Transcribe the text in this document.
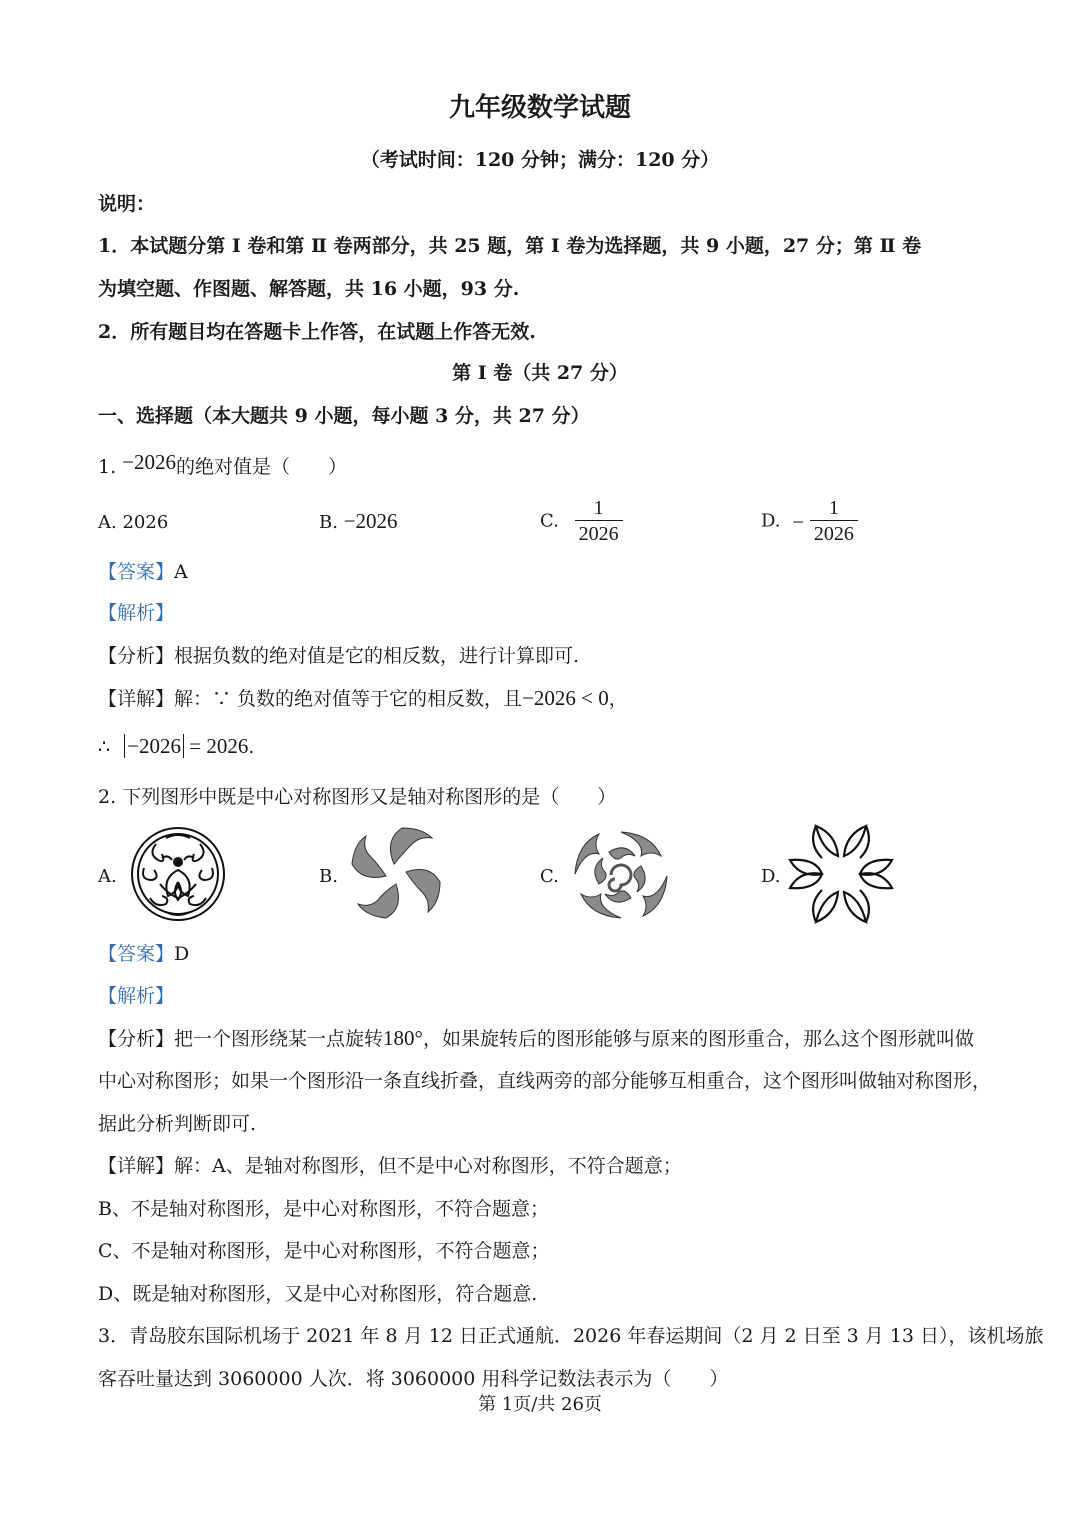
九年级数学试题
（考试时间：120 分钟；满分：120 分）
说明：
1．本试题分第 Ⅰ 卷和第 Ⅱ 卷两部分，共 25 题，第 Ⅰ 卷为选择题，共 9 小题，27 分；第 Ⅱ 卷
为填空题、作图题、解答题，共 16 小题，93 分.
2．所有题目均在答题卡上作答，在试题上作答无效.
第 Ⅰ 卷（共 27 分）
一、选择题（本大题共 9 小题，每小题 3 分，共 27 分）
1. −2026的绝对值是（　　）
A. 2026	B. −2026	C. $\frac{1}{2026}$	D. − $\frac{1}{2026}$
【答案】A
【解析】
【分析】根据负数的绝对值是它的相反数，进行计算即可.
【详解】解：∵ 负数的绝对值等于它的相反数，且−2026 < 0，
∴ −2026 = 2026.
2. 下列图形中既是中心对称图形又是轴对称图形的是（　　）
A.	B.	C.	D.
【答案】D
【解析】
【分析】把一个图形绕某一点旋转180°，如果旋转后的图形能够与原来的图形重合，那么这个图形就叫做
中心对称图形；如果一个图形沿一条直线折叠，直线两旁的部分能够互相重合，这个图形叫做轴对称图形，
据此分析判断即可.
【详解】解：A、是轴对称图形，但不是中心对称图形，不符合题意；
B、不是轴对称图形，是中心对称图形，不符合题意；
C、不是轴对称图形，是中心对称图形，不符合题意；
D、既是轴对称图形，又是中心对称图形，符合题意.
3．青岛胶东国际机场于 2021 年 8 月 12 日正式通航．2026 年春运期间（2 月 2 日至 3 月 13 日），该机场旅
客吞吐量达到 3060000 人次．将 3060000 用科学记数法表示为（　　）
第 1页/共 26页
